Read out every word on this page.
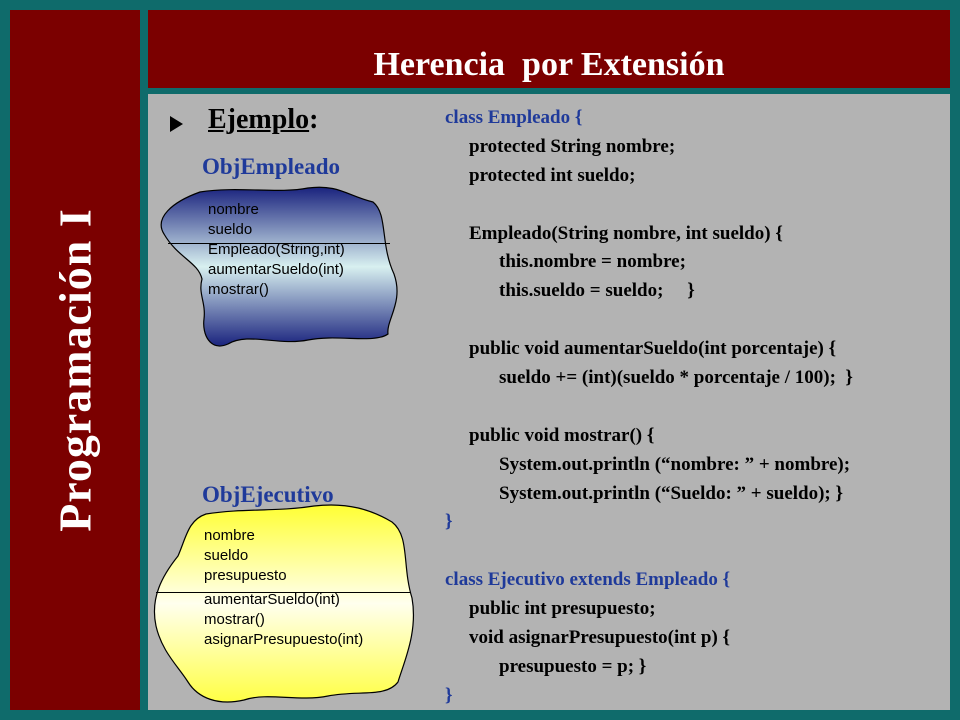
Programación I
Herencia  por Extensión
Ejemplo:
ObjEmpleado
nombre
sueldo
Empleado(String,int)
aumentarSueldo(int)
mostrar()
ObjEjecutivo
nombre
sueldo
presupuesto
aumentarSueldo(int)
mostrar()
asignarPresupuesto(int)
class Empleado {
protected String nombre;
protected int sueldo;
Empleado(String nombre, int sueldo) {
this.nombre = nombre;
this.sueldo = sueldo;     }
public void aumentarSueldo(int porcentaje) {
sueldo += (int)(sueldo * porcentaje / 100);  }
public void mostrar() {
System.out.println (“nombre: ” + nombre);
System.out.println (“Sueldo: ” + sueldo); }
}
class Ejecutivo extends Empleado {
public int presupuesto;
void asignarPresupuesto(int p) {
presupuesto = p; }
}
